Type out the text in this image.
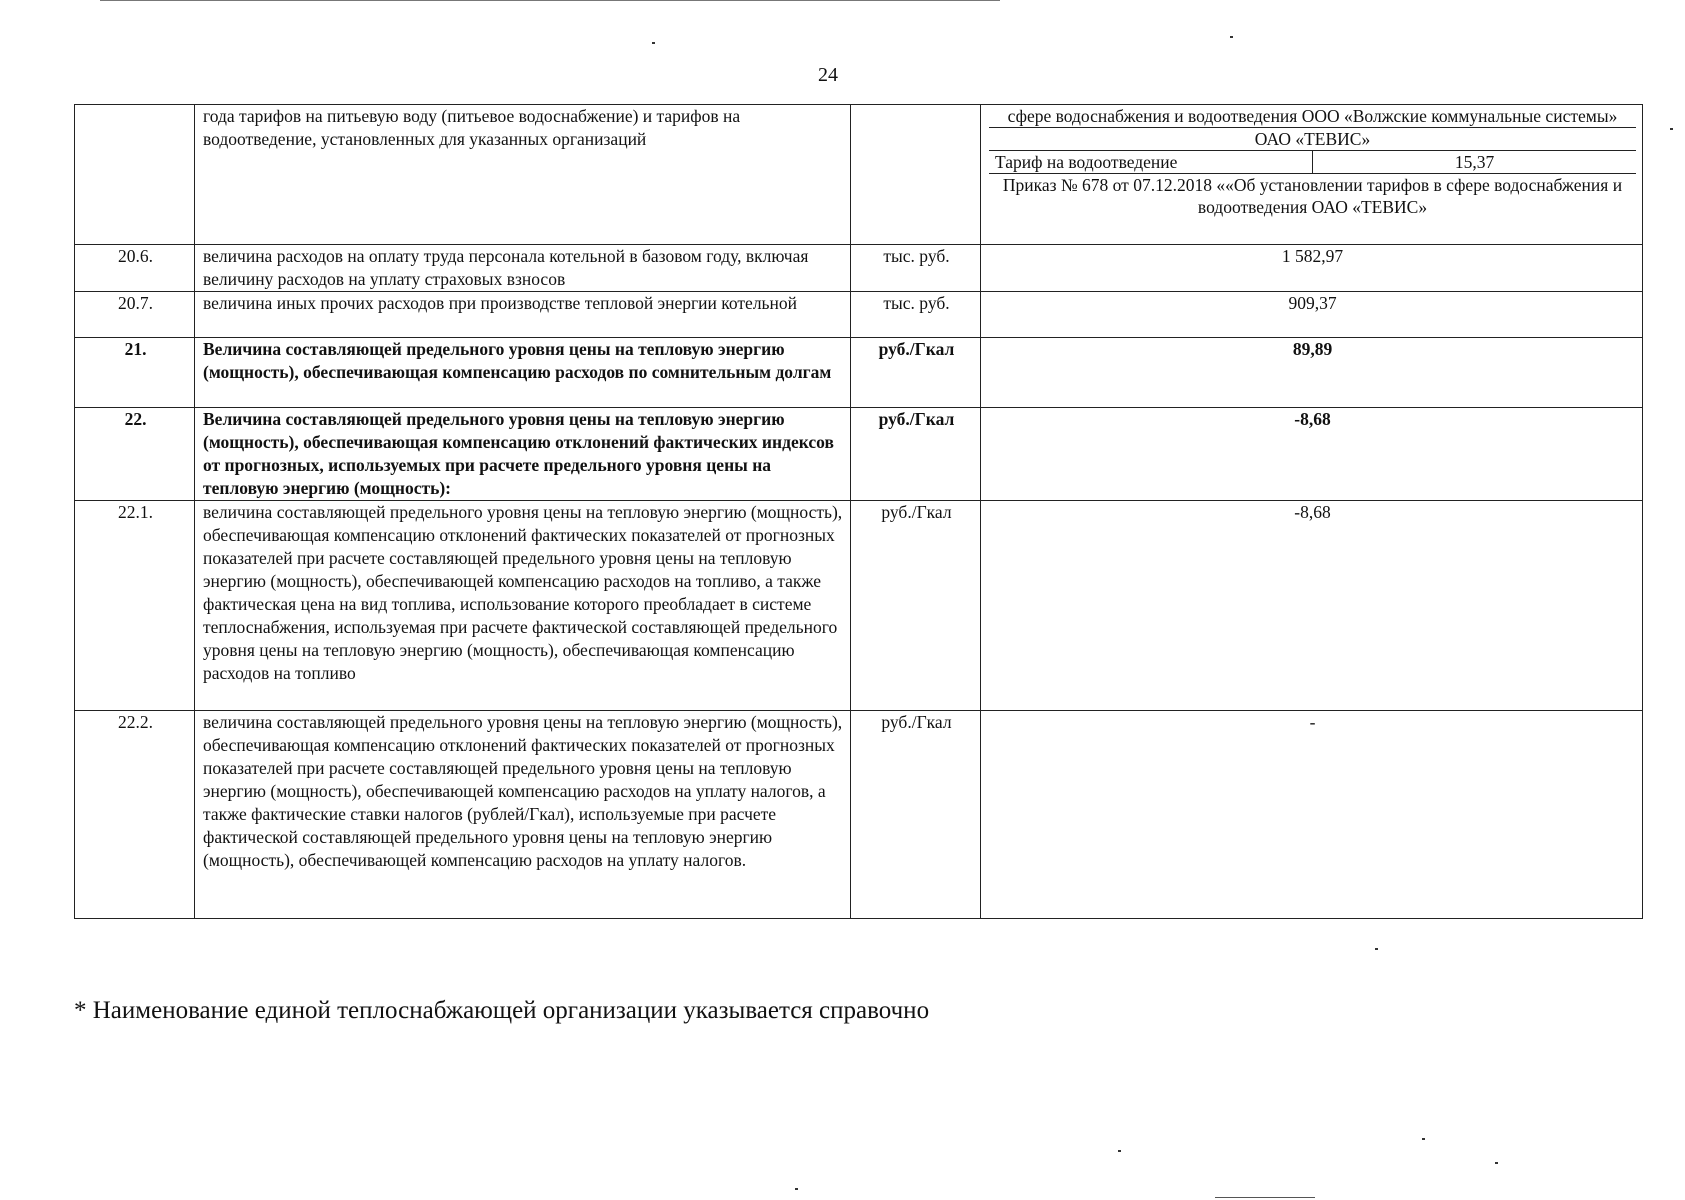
24
	года тарифов на питьевую воду (питьевое водоснабжение) и тарифов на водоотведение, установленных для указанных организаций		
сфере водоснабжения и водоотведения ООО «Волжские коммунальные системы»
ОАО «ТЕВИС»
Тариф на водоотведение	15,37
Приказ № 678 от 07.12.2018 ««Об установлении тарифов в сфере водоснабжения и водоотведения ОАО «ТЕВИС»

20.6.	величина расходов на оплату труда персонала котельной в базовом году, включая величину расходов на уплату страховых взносов	тыс. руб.	1 582,97
20.7.	величина иных прочих расходов при производстве тепловой энергии котельной	тыс. руб.	909,37
21.	Величина составляющей предельного уровня цены на тепловую энергию (мощность), обеспечивающая компенсацию расходов по сомнительным долгам	руб./Гкал	89,89
22.	Величина составляющей предельного уровня цены на тепловую энергию (мощность), обеспечивающая компенсацию отклонений фактических индексов от прогнозных, используемых при расчете предельного уровня цены на тепловую энергию (мощность):	руб./Гкал	-8,68
22.1.	величина составляющей предельного уровня цены на тепловую энергию (мощность), обеспечивающая компенсацию отклонений фактических показателей от прогнозных показателей при расчете составляющей предельного уровня цены на тепловую энергию (мощность), обеспечивающей компенсацию расходов на топливо, а также фактическая цена на вид топлива, использование которого преобладает в системе теплоснабжения, используемая при расчете фактической составляющей предельного уровня цены на тепловую энергию (мощность), обеспечивающая компенсацию расходов на топливо	руб./Гкал	-8,68
22.2.	величина составляющей предельного уровня цены на тепловую энергию (мощность), обеспечивающая компенсацию отклонений фактических показателей от прогнозных показателей при расчете составляющей предельного уровня цены на тепловую энергию (мощность), обеспечивающей компенсацию расходов на уплату налогов, а также фактические ставки налогов (рублей/Гкал), используемые при расчете фактической составляющей предельного уровня цены на тепловую энергию (мощность), обеспечивающей компенсацию расходов на уплату налогов.	руб./Гкал	-
* Наименование единой теплоснабжающей организации указывается справочно
